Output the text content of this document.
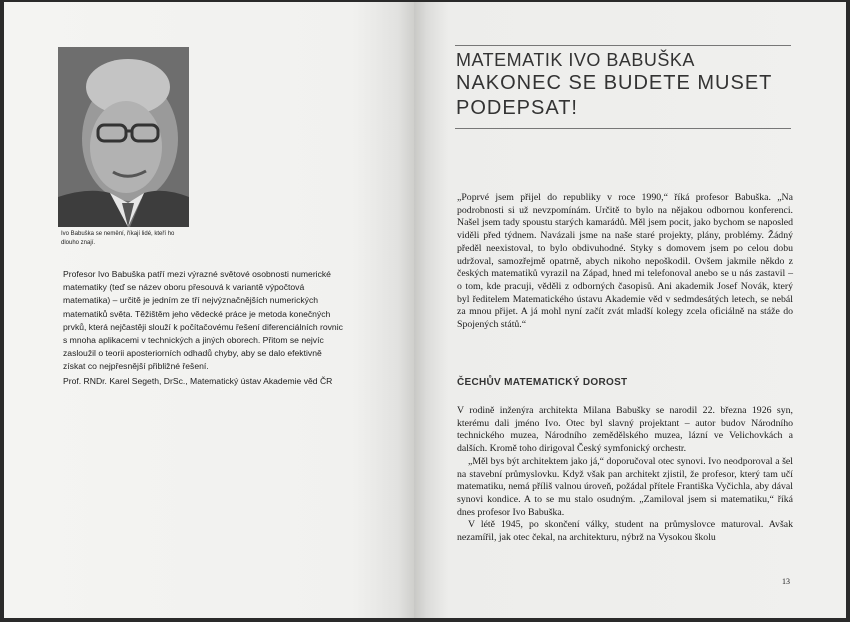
Ivo Babuška se nemění, říkají lidé, kteří ho dlouho znají.

Profesor Ivo Babuška patří mezi výrazné světové osobnosti numerické matematiky (teď se název oboru přesouvá k variantě výpočtová matematika) – určitě je jedním ze tří nejvýznačnějších numerických matematiků světa. Těžištěm jeho vědecké práce je metoda konečných prvků, která nejčastěji slouží k počítačovému řešení diferenciálních rovnic s mnoha aplikacemi v technických a jiných oborech. Přitom se nejvíc zasloužil o teorii aposteriorních odhadů chyby, aby se dalo efektivně získat co nejpřesnější přibližné řešení.

Prof. RNDr. Karel Segeth, DrSc., Matematický ústav Akademie věd ČR

MATEMATIK IVO BABUŠKA
NAKONEC SE BUDETE MUSET
PODEPSAT!

„Poprvé jsem přijel do republiky v roce 1990,“ říká profesor Babuška. „Na podrobnosti si už nevzpomínám. Určitě to bylo na nějakou odbornou konferenci. Našel jsem tady spoustu starých kamarádů. Měl jsem pocit, jako bychom se naposled viděli před týdnem. Navázali jsme na naše staré projekty, plány, problémy. Žádný předěl neexistoval, to bylo obdivuhodné. Styky s domovem jsem po celou dobu udržoval, samozřejmě opatrně, abych nikoho nepoškodil. Ovšem jakmile někdo z českých matematiků vyrazil na Západ, hned mi telefonoval anebo se u nás zastavil – o tom, kde pracuji, věděli z odborných časopisů. Ani akademik Josef Novák, který byl ředitelem Matematického ústavu Akademie věd v sedmdesátých letech, se nebál za mnou přijet. A já mohl nyní začít zvát mladší kolegy zcela oficiálně na stáže do Spojených států.“

ČECHŮV MATEMATICKÝ DOROST

V rodině inženýra architekta Milana Babušky se narodil 22. března 1926 syn, kterému dali jméno Ivo. Otec byl slavný projektant – autor budov Národního technického muzea, Národního zemědělského muzea, lázní ve Velichovkách a dalších. Kromě toho dirigoval Český symfonický orchestr.

„Měl bys být architektem jako já,“ doporučoval otec synovi. Ivo neodporoval a šel na stavební průmyslovku. Když však pan architekt zjistil, že profesor, který tam učí matematiku, nemá příliš valnou úroveň, požádal přítele Františka Vyčichla, aby dával synovi kondice. A to se mu stalo osudným. „Zamiloval jsem si matematiku,“ říká dnes profesor Ivo Babuška.

V létě 1945, po skončení války, student na průmyslovce maturoval. Avšak nezamířil, jak otec čekal, na architekturu, nýbrž na Vysokou školu

13
